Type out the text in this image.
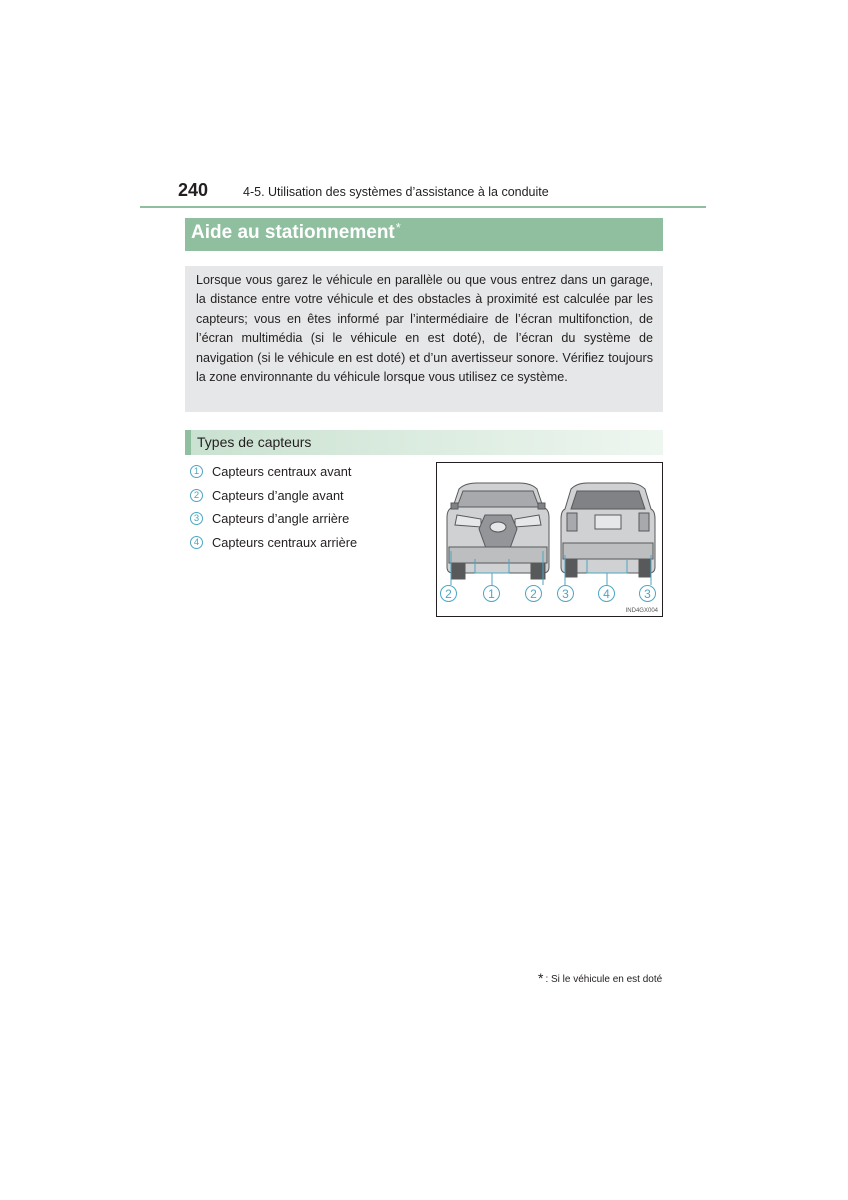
240	4-5. Utilisation des systèmes d’assistance à la conduite
Aide au stationnement*

Lorsque vous garez le véhicule en parallèle ou que vous entrez dans un garage, la distance entre votre véhicule et des obstacles à proximité est calculée par les capteurs; vous en êtes informé par l’intermédiaire de l’écran multifonction, de l’écran multimédia (si le véhicule en est doté), de l’écran du système de navigation (si le véhicule en est doté) et d’un avertisseur sonore. Vérifiez toujours la zone environnante du véhicule lorsque vous utilisez ce système.

Types de capteurs
1	Capteurs centraux avant
2	Capteurs d’angle avant
3	Capteurs d’angle arrière
4	Capteurs centraux arrière
2	1	2	3	4	3
IND4GX004
* : Si le véhicule en est doté
